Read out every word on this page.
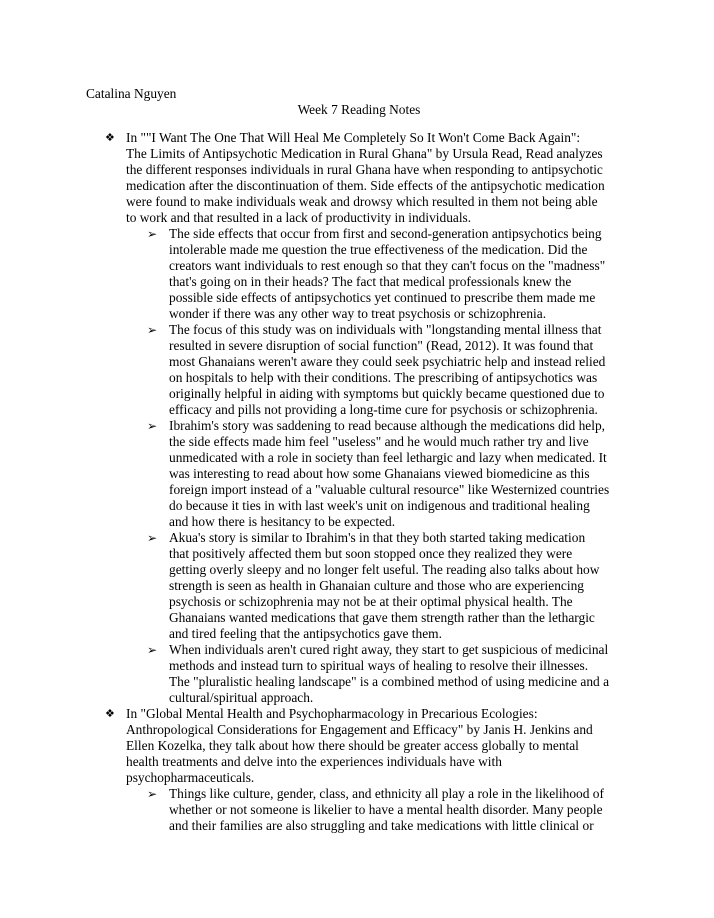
Catalina Nguyen
Week 7 Reading Notes
❖ In ""I Want The One That Will Heal Me Completely So It Won't Come Back Again":
The Limits of Antipsychotic Medication in Rural Ghana" by Ursula Read, Read analyzes
the different responses individuals in rural Ghana have when responding to antipsychotic
medication after the discontinuation of them. Side effects of the antipsychotic medication
were found to make individuals weak and drowsy which resulted in them not being able
to work and that resulted in a lack of productivity in individuals.
➢ The side effects that occur from first and second-generation antipsychotics being
intolerable made me question the true effectiveness of the medication. Did the
creators want individuals to rest enough so that they can't focus on the "madness"
that's going on in their heads? The fact that medical professionals knew the
possible side effects of antipsychotics yet continued to prescribe them made me
wonder if there was any other way to treat psychosis or schizophrenia.
➢ The focus of this study was on individuals with "longstanding mental illness that
resulted in severe disruption of social function" (Read, 2012). It was found that
most Ghanaians weren't aware they could seek psychiatric help and instead relied
on hospitals to help with their conditions. The prescribing of antipsychotics was
originally helpful in aiding with symptoms but quickly became questioned due to
efficacy and pills not providing a long-time cure for psychosis or schizophrenia.
➢ Ibrahim's story was saddening to read because although the medications did help,
the side effects made him feel "useless" and he would much rather try and live
unmedicated with a role in society than feel lethargic and lazy when medicated. It
was interesting to read about how some Ghanaians viewed biomedicine as this
foreign import instead of a "valuable cultural resource" like Westernized countries
do because it ties in with last week's unit on indigenous and traditional healing
and how there is hesitancy to be expected.
➢ Akua's story is similar to Ibrahim's in that they both started taking medication
that positively affected them but soon stopped once they realized they were
getting overly sleepy and no longer felt useful. The reading also talks about how
strength is seen as health in Ghanaian culture and those who are experiencing
psychosis or schizophrenia may not be at their optimal physical health. The
Ghanaians wanted medications that gave them strength rather than the lethargic
and tired feeling that the antipsychotics gave them.
➢ When individuals aren't cured right away, they start to get suspicious of medicinal
methods and instead turn to spiritual ways of healing to resolve their illnesses.
The "pluralistic healing landscape" is a combined method of using medicine and a
cultural/spiritual approach.
❖ In "Global Mental Health and Psychopharmacology in Precarious Ecologies:
Anthropological Considerations for Engagement and Efficacy" by Janis H. Jenkins and
Ellen Kozelka, they talk about how there should be greater access globally to mental
health treatments and delve into the experiences individuals have with
psychopharmaceuticals.
➢ Things like culture, gender, class, and ethnicity all play a role in the likelihood of
whether or not someone is likelier to have a mental health disorder. Many people
and their families are also struggling and take medications with little clinical or
